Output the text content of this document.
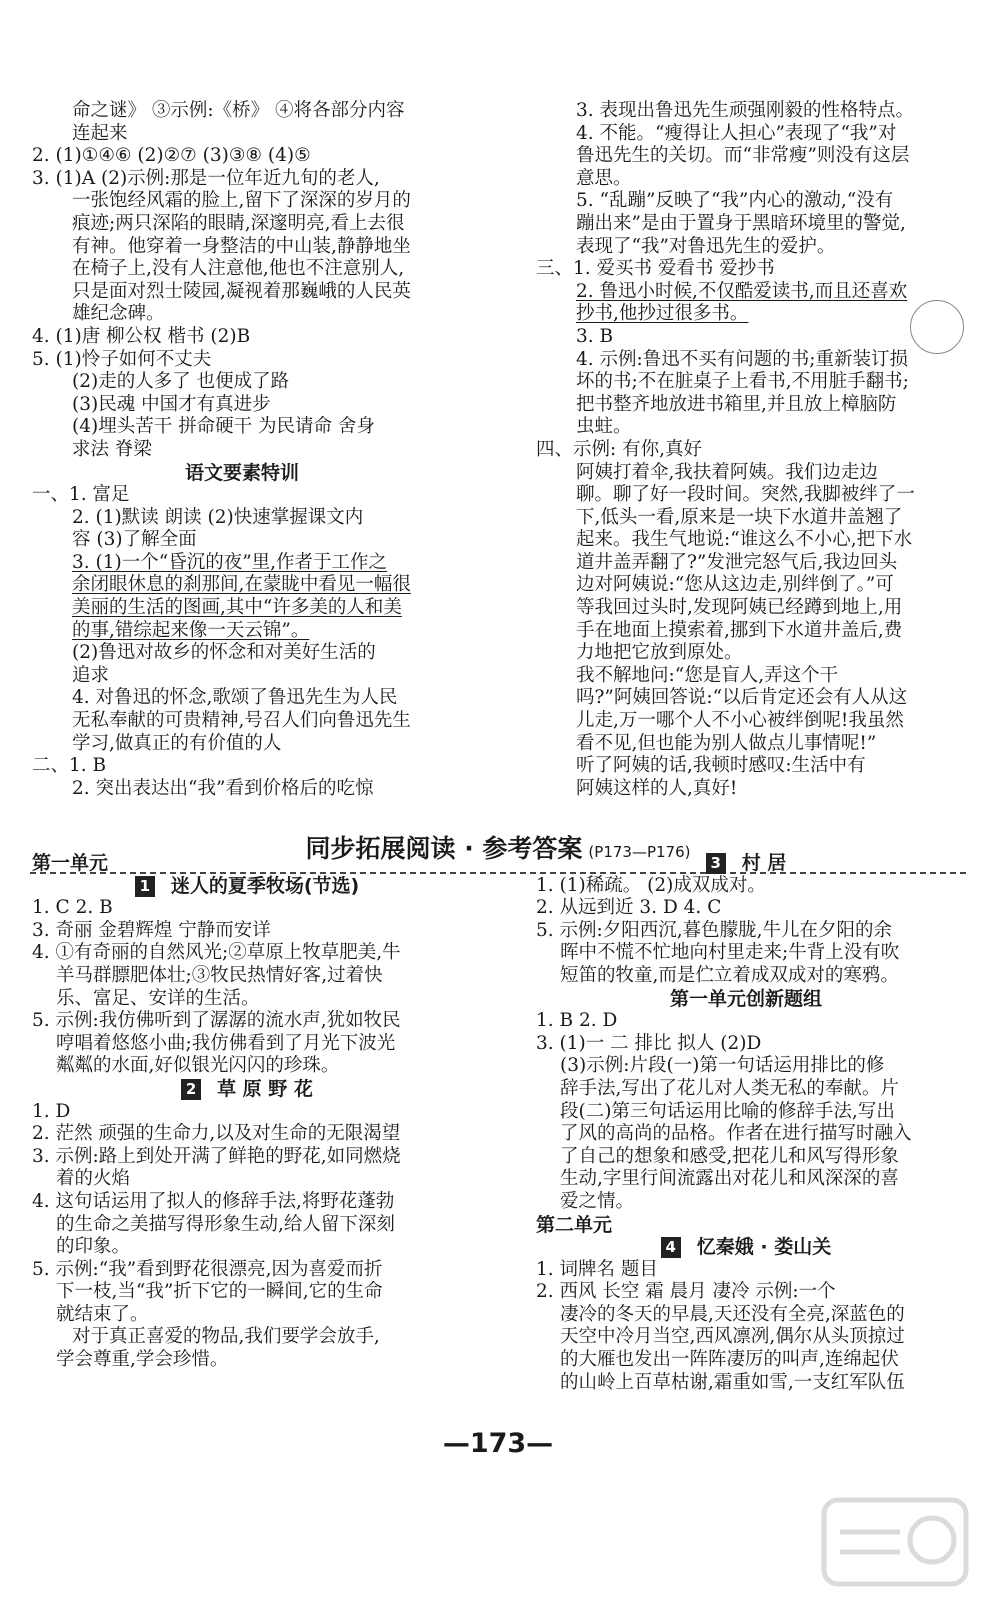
命之谜》 ③示例:《桥》 ④将各部分内容

连起来

2. (1)①④⑥ (2)②⑦ (3)③⑧ (4)⑤

3. (1)A (2)示例:那是一位年近九旬的老人,

一张饱经风霜的脸上,留下了深深的岁月的

痕迹;两只深陷的眼睛,深邃明亮,看上去很

有神。他穿着一身整洁的中山装,静静地坐

在椅子上,没有人注意他,他也不注意别人,

只是面对烈士陵园,凝视着那巍峨的人民英

雄纪念碑。

4. (1)唐 柳公权 楷书 (2)B

5. (1)怜子如何不丈夫

(2)走的人多了 也便成了路

(3)民魂 中国才有真进步

(4)埋头苦干 拼命硬干 为民请命 舍身

求法 脊梁

语文要素特训

一、1. 富足

2. (1)默读 朗读 (2)快速掌握课文内

容 (3)了解全面

3. (1)一个“昏沉的夜”里,作者于工作之

余闭眼休息的刹那间,在蒙眬中看见一幅很

美丽的生活的图画,其中“许多美的人和美

的事,错综起来像一天云锦”。

(2)鲁迅对故乡的怀念和对美好生活的

追求

4. 对鲁迅的怀念,歌颂了鲁迅先生为人民

无私奉献的可贵精神,号召人们向鲁迅先生

学习,做真正的有价值的人

二、1. B

2. 突出表达出“我”看到价格后的吃惊

3. 表现出鲁迅先生顽强刚毅的性格特点。

4. 不能。“瘦得让人担心”表现了“我”对

鲁迅先生的关切。而“非常瘦”则没有这层

意思。

5. “乱蹦”反映了“我”内心的激动,“没有

蹦出来”是由于置身于黑暗环境里的警觉,

表现了“我”对鲁迅先生的爱护。

三、1. 爱买书 爱看书 爱抄书

2. 鲁迅小时候,不仅酷爱读书,而且还喜欢

抄书,他抄过很多书。

3. B

4. 示例:鲁迅不买有问题的书;重新装订损

坏的书;不在脏桌子上看书,不用脏手翻书;

把书整齐地放进书箱里,并且放上樟脑防

虫蛀。

四、示例: 有你,真好

阿姨打着伞,我扶着阿姨。我们边走边

聊。聊了好一段时间。突然,我脚被绊了一

下,低头一看,原来是一块下水道井盖翘了

起来。我生气地说:“谁这么不小心,把下水

道井盖弄翻了?”发泄完怒气后,我边回头

边对阿姨说:“您从这边走,别绊倒了。”可

等我回过头时,发现阿姨已经蹲到地上,用

手在地面上摸索着,挪到下水道井盖后,费

力地把它放到原处。

我不解地问:“您是盲人,弄这个干

吗?”阿姨回答说:“以后肯定还会有人从这

儿走,万一哪个人不小心被绊倒呢!我虽然

看不见,但也能为别人做点儿事情呢!”

听了阿姨的话,我顿时感叹:生活中有

阿姨这样的人,真好!

同步拓展阅读 · 参考答案 (P173—P176)

第一单元

1 迷人的夏季牧场(节选)

1. C 2. B

3. 奇丽 金碧辉煌 宁静而安详

4. ①有奇丽的自然风光;②草原上牧草肥美,牛

羊马群膘肥体壮;③牧民热情好客,过着快

乐、富足、安详的生活。

5. 示例:我仿佛听到了潺潺的流水声,犹如牧民

哼唱着悠悠小曲;我仿佛看到了月光下波光

粼粼的水面,好似银光闪闪的珍珠。

2 草 原 野 花

1. D

2. 茫然 顽强的生命力,以及对生命的无限渴望

3. 示例:路上到处开满了鲜艳的野花,如同燃烧

着的火焰

4. 这句话运用了拟人的修辞手法,将野花蓬勃

的生命之美描写得形象生动,给人留下深刻

的印象。

5. 示例:“我”看到野花很漂亮,因为喜爱而折

下一枝,当“我”折下它的一瞬间,它的生命

就结束了。

对于真正喜爱的物品,我们要学会放手,

学会尊重,学会珍惜。

3 村 居

1. (1)稀疏。 (2)成双成对。

2. 从远到近 3. D 4. C

5. 示例:夕阳西沉,暮色朦胧,牛儿在夕阳的余

晖中不慌不忙地向村里走来;牛背上没有吹

短笛的牧童,而是伫立着成双成对的寒鸦。

第一单元创新题组

1. B 2. D

3. (1)一 二 排比 拟人 (2)D

(3)示例:片段(一)第一句话运用排比的修

辞手法,写出了花儿对人类无私的奉献。片

段(二)第三句话运用比喻的修辞手法,写出

了风的高尚的品格。作者在进行描写时融入

了自己的想象和感受,把花儿和风写得形象

生动,字里行间流露出对花儿和风深深的喜

爱之情。

第二单元

4 忆秦娥 · 娄山关

1. 词牌名 题目

2. 西风 长空 霜 晨月 凄冷 示例:一个

凄冷的冬天的早晨,天还没有全亮,深蓝色的

天空中冷月当空,西风凛冽,偶尔从头顶掠过

的大雁也发出一阵阵凄厉的叫声,连绵起伏

的山岭上百草枯谢,霜重如雪,一支红军队伍

—173—
